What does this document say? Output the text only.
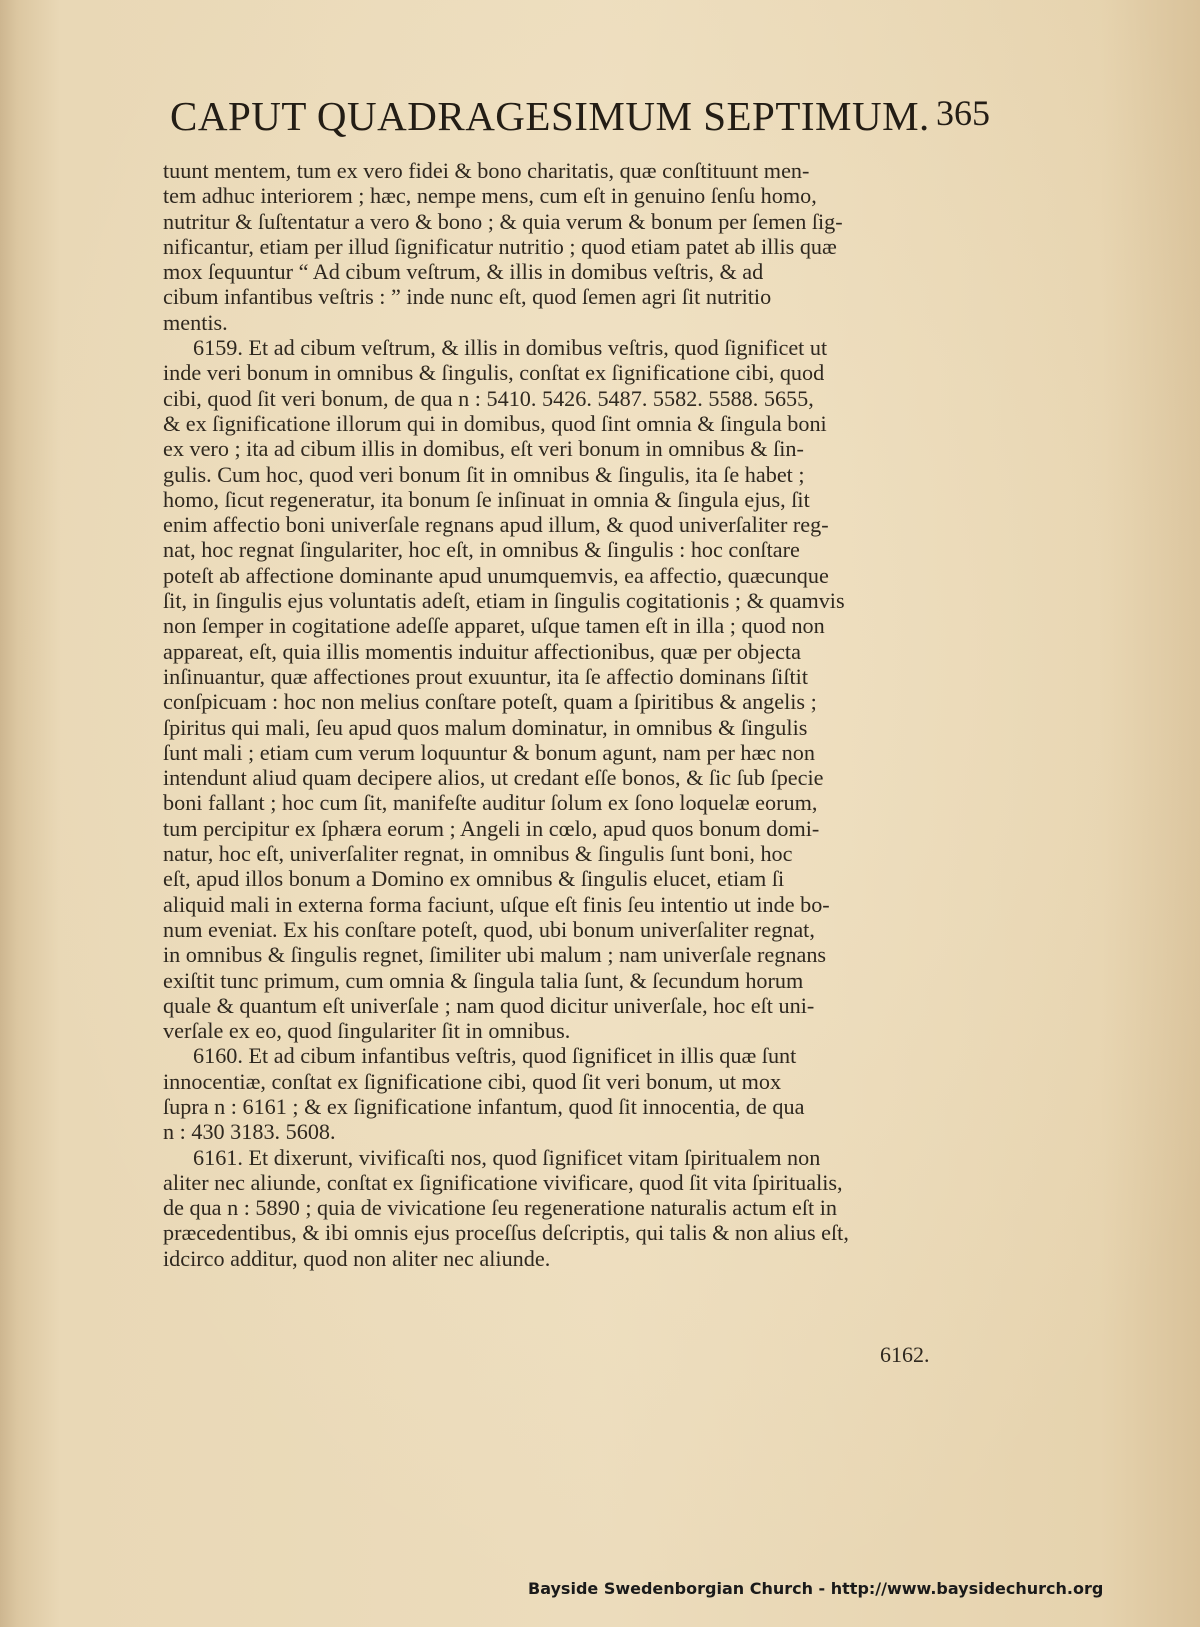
CAPUT QUADRAGESIMUM SEPTIMUM. 365
tuunt mentem, tum ex vero fidei & bono charitatis, quæ conſtituunt men-
tem adhuc interiorem ; hæc, nempe mens, cum eſt in genuino ſenſu homo,
nutritur & ſuſtentatur a vero & bono ; & quia verum & bonum per ſemen ſig-
nificantur, etiam per illud ſignificatur nutritio ; quod etiam patet ab illis quæ
mox ſequuntur “ Ad cibum veſtrum, & illis in domibus veſtris, & ad
cibum infantibus veſtris : ” inde nunc eſt, quod ſemen agri ſit nutritio
mentis.
6159. Et ad cibum veſtrum, & illis in domibus veſtris, quod ſignificet ut
inde veri bonum in omnibus & ſingulis, conſtat ex ſignificatione cibi, quod
cibi, quod ſit veri bonum, de qua n : 5410. 5426. 5487. 5582. 5588. 5655,
& ex ſignificatione illorum qui in domibus, quod ſint omnia & ſingula boni
ex vero ; ita ad cibum illis in domibus, eſt veri bonum in omnibus & ſin-
gulis. Cum hoc, quod veri bonum ſit in omnibus & ſingulis, ita ſe habet ;
homo, ſicut regeneratur, ita bonum ſe inſinuat in omnia & ſingula ejus, ſit
enim affectio boni univerſale regnans apud illum, & quod univerſaliter reg-
nat, hoc regnat ſingulariter, hoc eſt, in omnibus & ſingulis : hoc conſtare
poteſt ab affectione dominante apud unumquemvis, ea affectio, quæcunque
ſit, in ſingulis ejus voluntatis adeſt, etiam in ſingulis cogitationis ; & quamvis
non ſemper in cogitatione adeſſe apparet, uſque tamen eſt in illa ; quod non
appareat, eſt, quia illis momentis induitur affectionibus, quæ per objecta
inſinuantur, quæ affectiones prout exuuntur, ita ſe affectio dominans ſiſtit
conſpicuam : hoc non melius conſtare poteſt, quam a ſpiritibus & angelis ;
ſpiritus qui mali, ſeu apud quos malum dominatur, in omnibus & ſingulis
ſunt mali ; etiam cum verum loquuntur & bonum agunt, nam per hæc non
intendunt aliud quam decipere alios, ut credant eſſe bonos, & ſic ſub ſpecie
boni fallant ; hoc cum ſit, manifeſte auditur ſolum ex ſono loquelæ eorum,
tum percipitur ex ſphæra eorum ; Angeli in cœlo, apud quos bonum domi-
natur, hoc eſt, univerſaliter regnat, in omnibus & ſingulis ſunt boni, hoc
eſt, apud illos bonum a Domino ex omnibus & ſingulis elucet, etiam ſi
aliquid mali in externa forma faciunt, uſque eſt finis ſeu intentio ut inde bo-
num eveniat. Ex his conſtare poteſt, quod, ubi bonum univerſaliter regnat,
in omnibus & ſingulis regnet, ſimiliter ubi malum ; nam univerſale regnans
exiſtit tunc primum, cum omnia & ſingula talia ſunt, & ſecundum horum
quale & quantum eſt univerſale ; nam quod dicitur univerſale, hoc eſt uni-
verſale ex eo, quod ſingulariter ſit in omnibus.
6160. Et ad cibum infantibus veſtris, quod ſignificet in illis quæ ſunt
innocentiæ, conſtat ex ſignificatione cibi, quod ſit veri bonum, ut mox
ſupra n : 6161 ; & ex ſignificatione infantum, quod ſit innocentia, de qua
n : 430 3183. 5608.
6161. Et dixerunt, vivificaſti nos, quod ſignificet vitam ſpiritualem non
aliter nec aliunde, conſtat ex ſignificatione vivificare, quod ſit vita ſpiritualis,
de qua n : 5890 ; quia de vivicatione ſeu regeneratione naturalis actum eſt in
præcedentibus, & ibi omnis ejus proceſſus deſcriptis, qui talis & non alius eſt,
idcirco additur, quod non aliter nec aliunde.
6162.
Bayside Swedenborgian Church - http://www.baysidechurch.org
